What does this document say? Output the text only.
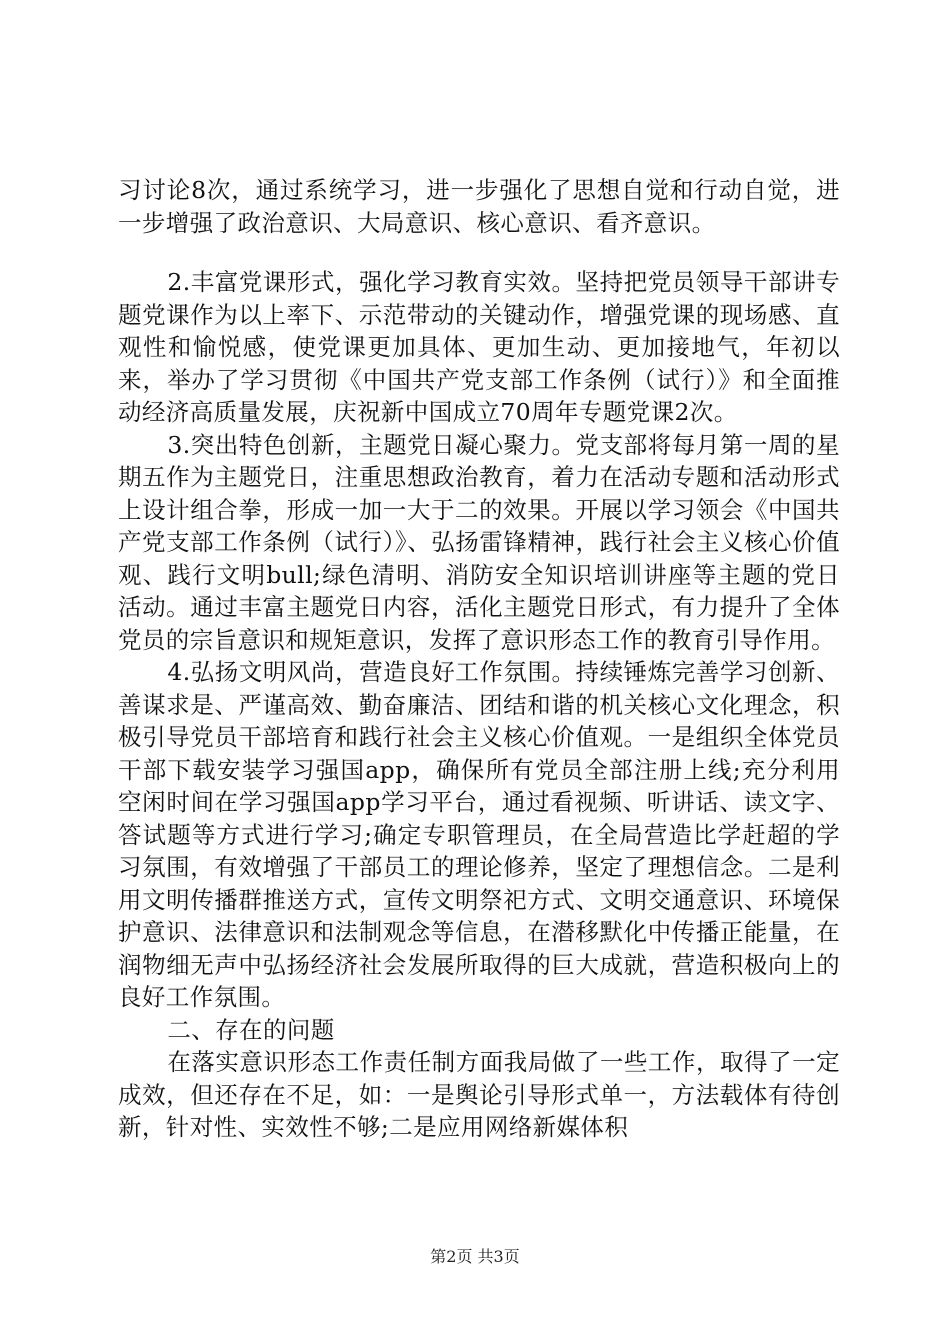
习讨论8次，通过系统学习，进一步强化了思想自觉和行动自觉，进一步增强了政治意识、大局意识、核心意识、看齐意识。

2.丰富党课形式，强化学习教育实效。坚持把党员领导干部讲专题党课作为以上率下、示范带动的关键动作，增强党课的现场感、直观性和愉悦感，使党课更加具体、更加生动、更加接地气，年初以来，举办了学习贯彻《中国共产党支部工作条例（试行）》和全面推动经济高质量发展，庆祝新中国成立70周年专题党课2次。

3.突出特色创新，主题党日凝心聚力。党支部将每月第一周的星期五作为主题党日，注重思想政治教育，着力在活动专题和活动形式上设计组合拳，形成一加一大于二的效果。开展以学习领会《中国共产党支部工作条例（试行）》、弘扬雷锋精神，践行社会主义核心价值观、践行文明bull;绿色清明、消防安全知识培训讲座等主题的党日活动。通过丰富主题党日内容，活化主题党日形式，有力提升了全体党员的宗旨意识和规矩意识，发挥了意识形态工作的教育引导作用。

4.弘扬文明风尚，营造良好工作氛围。持续锤炼完善学习创新、善谋求是、严谨高效、勤奋廉洁、团结和谐的机关核心文化理念，积极引导党员干部培育和践行社会主义核心价值观。一是组织全体党员干部下载安装学习强国app，确保所有党员全部注册上线;充分利用空闲时间在学习强国app学习平台，通过看视频、听讲话、读文字、答试题等方式进行学习;确定专职管理员，在全局营造比学赶超的学习氛围，有效增强了干部员工的理论修养，坚定了理想信念。二是利用文明传播群推送方式，宣传文明祭祀方式、文明交通意识、环境保护意识、法律意识和法制观念等信息，在潜移默化中传播正能量，在润物细无声中弘扬经济社会发展所取得的巨大成就，营造积极向上的良好工作氛围。

二、存在的问题

在落实意识形态工作责任制方面我局做了一些工作，取得了一定成效，但还存在不足，如：一是舆论引导形式单一，方法载体有待创新，针对性、实效性不够;二是应用网络新媒体积

第2页 共3页
